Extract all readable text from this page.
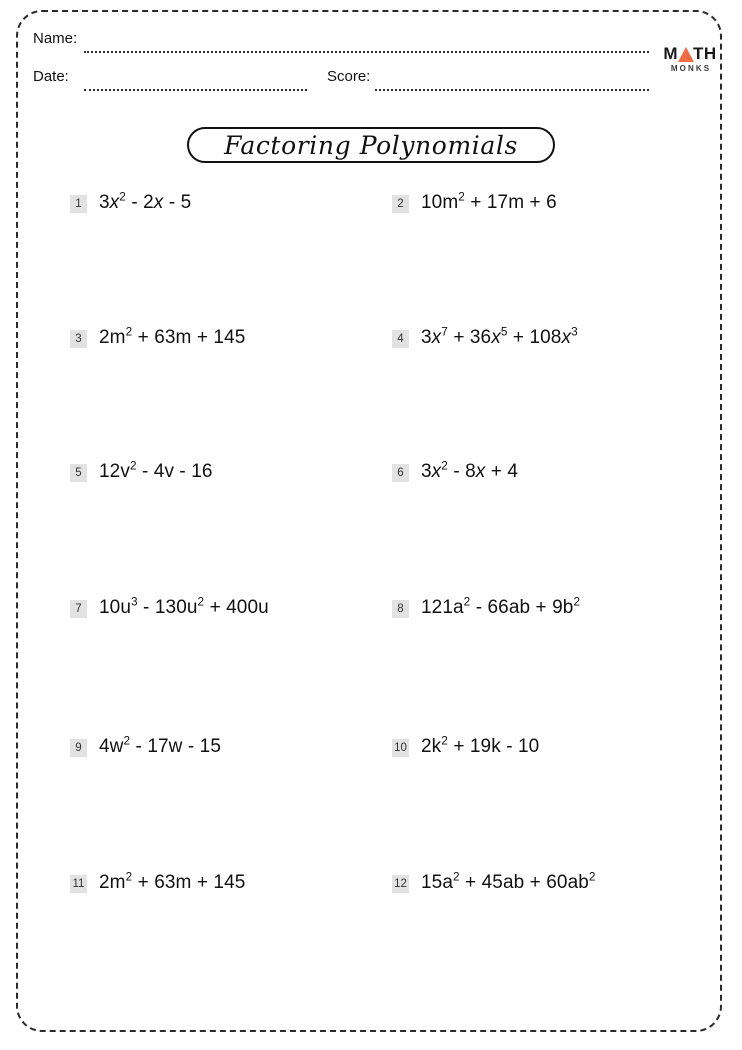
Name:
Date:	Score:
M TH
MONKS
Factoring Polynomials
1 $3x^2 - 2x - 5$	2 $10m^2 + 17m + 6$
3 $2m^2 + 63m + 145$	4 $3x^7 + 36x^5 + 108x^3$
5 $12v^2 - 4v - 16$	6 $3x^2 - 8x + 4$
7 $10u^3 - 130u^2 + 400u$	8 $121a^2 - 66ab + 9b^2$
9 $4w^2 - 17w - 15$	10 $2k^2 + 19k - 10$
11 $2m^2 + 63m + 145$	12 $15a^2 + 45ab + 60ab^2$
